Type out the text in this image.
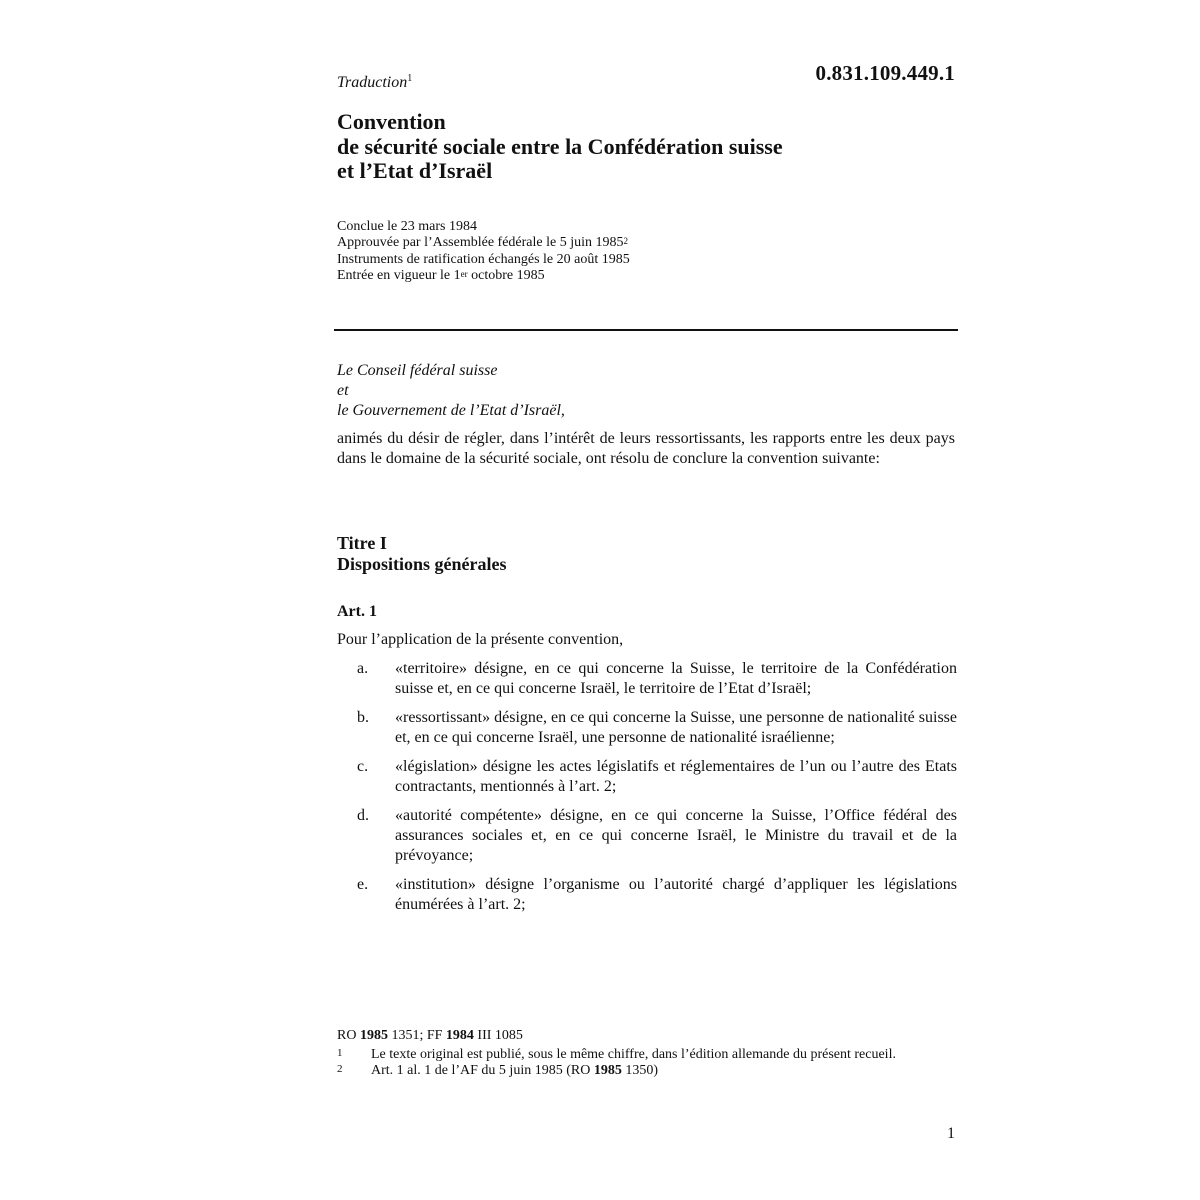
0.831.109.449.1
Traduction$^1$
Convention
de sécurité sociale entre la Confédération suisse
et l’Etat d’Israël
Conclue le 23 mars 1984
Approuvée par l’Assemblée fédérale le 5 juin 1985$^2$
Instruments de ratification échangés le 20 août 1985
Entrée en vigueur le 1er octobre 1985
Le Conseil fédéral suisse
et
le Gouvernement de l’Etat d’Israël,
animés du désir de régler, dans l’intérêt de leurs ressortissants, les rapports entre les deux pays dans le domaine de la sécurité sociale, ont résolu de conclure la convention suivante:
Titre I
Dispositions générales
Art. 1
Pour l’application de la présente convention,
a.	«territoire» désigne, en ce qui concerne la Suisse, le territoire de la Confédération suisse et, en ce qui concerne Israël, le territoire de l’Etat d’Israël;
b.	«ressortissant» désigne, en ce qui concerne la Suisse, une personne de nationalité suisse et, en ce qui concerne Israël, une personne de nationalité israélienne;
c.	«législation» désigne les actes législatifs et réglementaires de l’un ou l’autre des Etats contractants, mentionnés à l’art. 2;
d.	«autorité compétente» désigne, en ce qui concerne la Suisse, l’Office fédéral des assurances sociales et, en ce qui concerne Israël, le Ministre du travail et de la prévoyance;
e.	«institution» désigne l’organisme ou l’autorité chargé d’appliquer les législations énumérées à l’art. 2;
RO 1985 1351; FF 1984 III 1085
1	Le texte original est publié, sous le même chiffre, dans l’édition allemande du présent recueil.
2	Art. 1 al. 1 de l’AF du 5 juin 1985 (RO 1985 1350)
1
